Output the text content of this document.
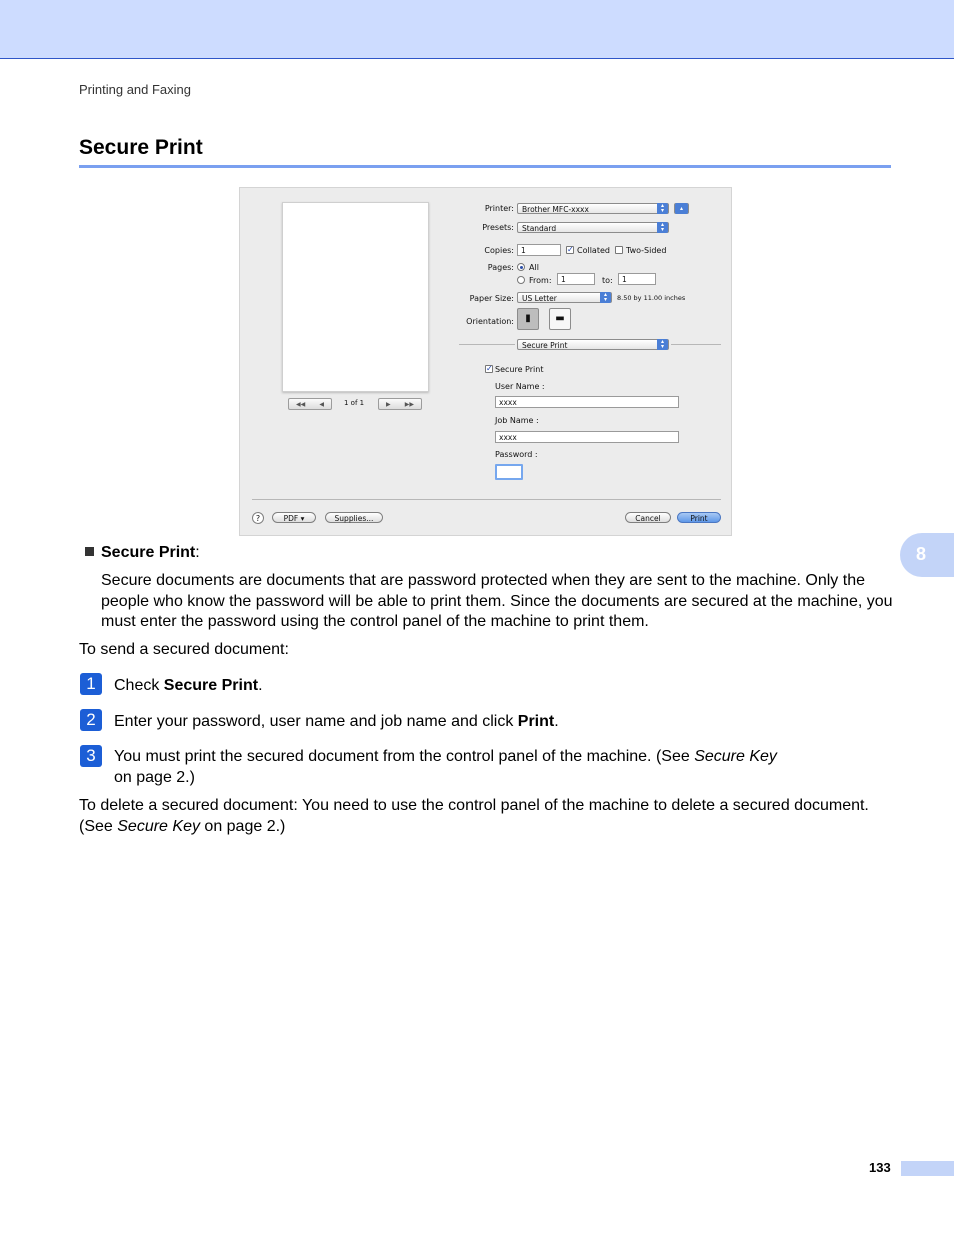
Printing and Faxing
Secure Print
◀◀ ◀	1 of 1	▶ ▶▶
Printer:	Brother MFC-xxxx	▴
▾	▴
Presets:	Standard	▴
▾
Copies: 1	✓ Collated Two-Sided
Pages: All
From:	1	to:	1
Paper Size:	US Letter	▴
▾	8.50 by 11.00 inches
Orientation:	▮	▬
Secure Print	▴
▾
✓ Secure Print
User Name :
xxxx
Job Name :
xxxx
Password :
?	PDF ▾	Supplies...	Cancel	Print
Secure Print:
Secure documents are documents that are password protected when they are sent to the machine. Only the people who know the password will be able to print them. Since the documents are secured at the machine, you must enter the password using the control panel of the machine to print them.
To send a secured document:
1	Check Secure Print.
2	Enter your password, user name and job name and click Print.
3	You must print the secured document from the control panel of the machine. (See Secure Key
on page 2.)
To delete a secured document: You need to use the control panel of the machine to delete a secured document. (See Secure Key on page 2.)
8
133
